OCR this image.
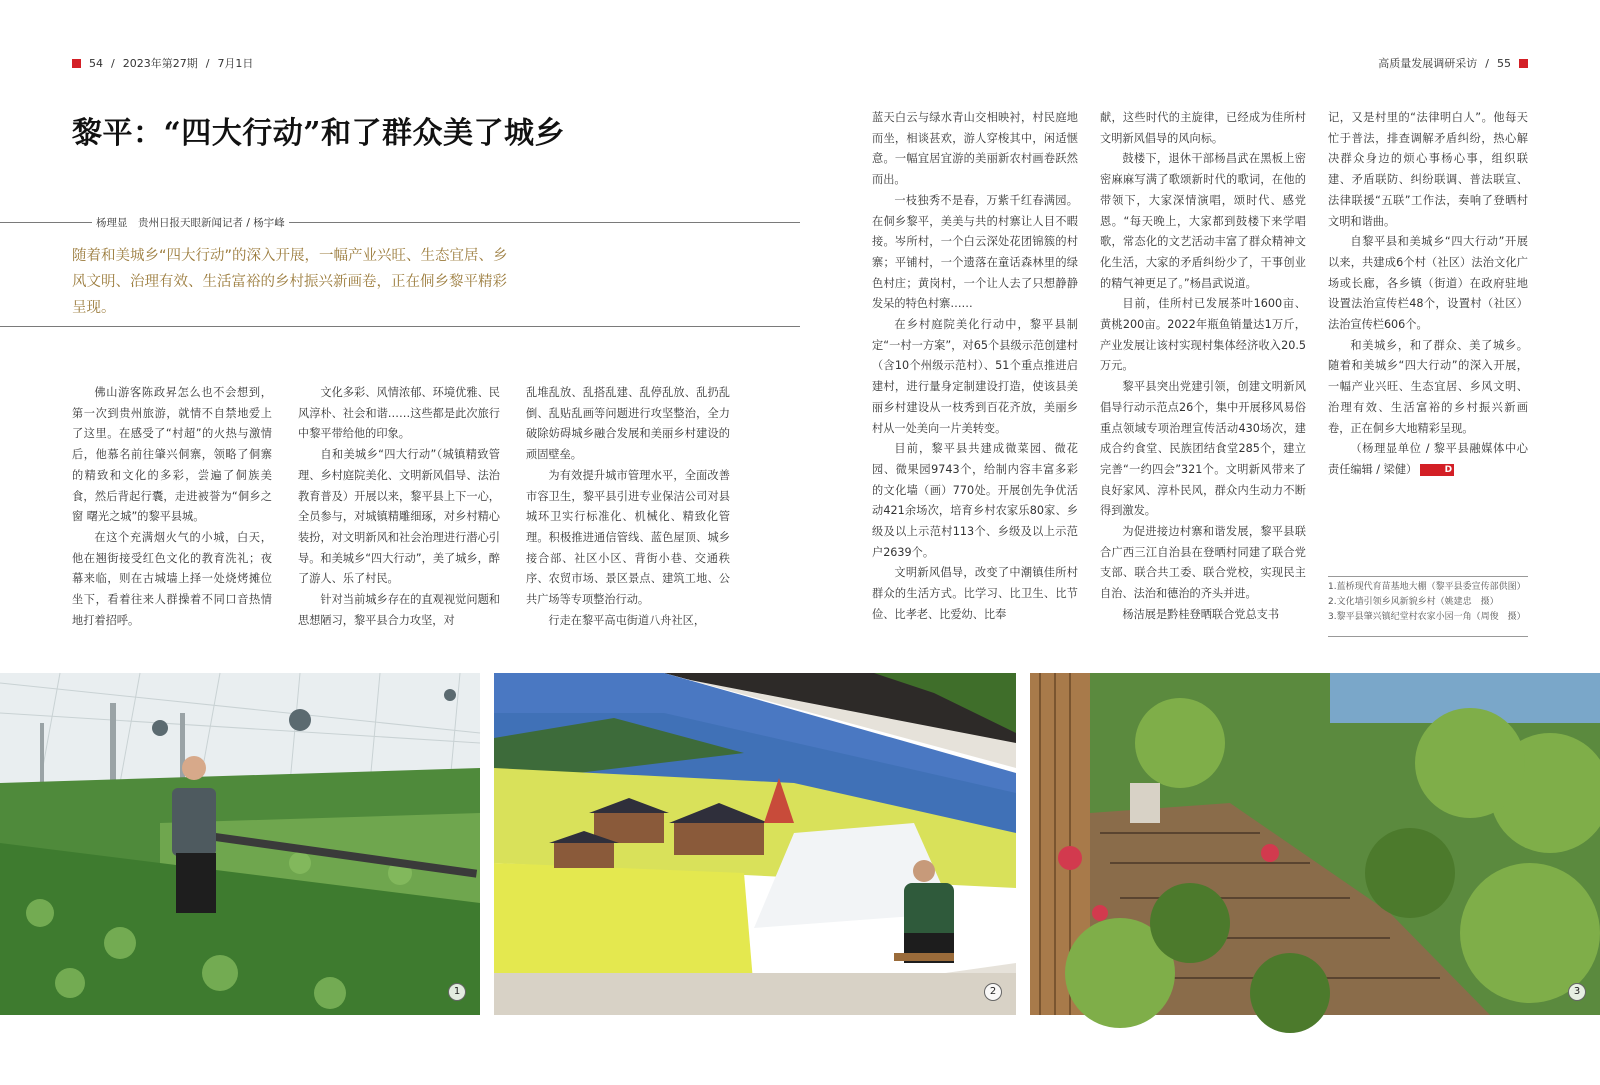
54 / 2023年第27期 / 7月1日	高质量发展调研采访 / 55
黎平：“四大行动”和了群众美了城乡
杨理显　贵州日报天眼新闻记者 / 杨宇峰
随着和美城乡“四大行动”的深入开展，一幅产业兴旺、生态宜居、乡风文明、治理有效、生活富裕的乡村振兴新画卷，正在侗乡黎平精彩呈现。

佛山游客陈政昇怎么也不会想到，第一次到贵州旅游，就情不自禁地爱上了这里。在感受了“村超”的火热与激情后，他慕名前往肇兴侗寨，领略了侗寨的精致和文化的多彩，尝遍了侗族美食，然后背起行囊，走进被誉为“侗乡之窗 曙光之城”的黎平县城。

在这个充满烟火气的小城，白天，他在翘街接受红色文化的教育洗礼；夜幕来临，则在古城墙上择一处烧烤摊位坐下，看着往来人群操着不同口音热情地打着招呼。

文化多彩、风情浓郁、环境优雅、民风淳朴、社会和谐……这些都是此次旅行中黎平带给他的印象。

自和美城乡“四大行动”（城镇精致管理、乡村庭院美化、文明新风倡导、法治教育普及）开展以来，黎平县上下一心，全员参与，对城镇精雕细琢，对乡村精心装扮，对文明新风和社会治理进行潜心引导。和美城乡“四大行动”，美了城乡，醉了游人、乐了村民。

针对当前城乡存在的直观视觉问题和思想陋习，黎平县合力攻坚，对

乱堆乱放、乱搭乱建、乱停乱放、乱扔乱倒、乱贴乱画等问题进行攻坚整治，全力破除妨碍城乡融合发展和美丽乡村建设的顽固壁垒。

为有效提升城市管理水平，全面改善市容卫生，黎平县引进专业保洁公司对县城环卫实行标准化、机械化、精致化管理。积极推进通信管线、蓝色屋顶、城乡接合部、社区小区、背街小巷、交通秩序、农贸市场、景区景点、建筑工地、公共广场等专项整治行动。

行走在黎平高屯街道八舟社区，

蓝天白云与绿水青山交相映衬，村民庭地而坐，相谈甚欢，游人穿梭其中，闲适惬意。一幅宜居宜游的美丽新农村画卷跃然而出。

一枝独秀不是春，万紫千红春满园。在侗乡黎平，美美与共的村寨让人目不暇接。岑所村，一个白云深处花团锦簇的村寨；平铺村，一个遗落在童话森林里的绿色村庄；黄岗村，一个让人去了只想静静发呆的特色村寨……

在乡村庭院美化行动中，黎平县制定“一村一方案”，对65个县级示范创建村（含10个州级示范村）、51个重点推进启建村，进行量身定制建设打造，使该县美丽乡村建设从一枝秀到百花齐放，美丽乡村从一处美向一片美转变。

目前，黎平县共建成微菜园、微花园、微果园9743个，给制内容丰富多彩的文化墙（画）770处。开展创先争优活动421余场次，培育乡村农家乐80家、乡级及以上示范村113个、乡级及以上示范户2639个。

文明新风倡导，改变了中潮镇佳所村群众的生活方式。比学习、比卫生、比节俭、比孝老、比爱幼、比奉

献，这些时代的主旋律，已经成为佳所村文明新风倡导的风向标。

鼓楼下，退休干部杨昌武在黑板上密密麻麻写满了歌颂新时代的歌词，在他的带领下，大家深情演唱，颂时代、感党恩。“每天晚上，大家都到鼓楼下来学唱歌，常态化的文艺活动丰富了群众精神文化生活，大家的矛盾纠纷少了，干事创业的精气神更足了。”杨昌武说道。

目前，佳所村已发展茶叶1600亩、黄桃200亩。2022年瓶鱼销量达1万斤，产业发展让该村实现村集体经济收入20.5万元。

黎平县突出党建引领，创建文明新风倡导行动示范点26个，集中开展移风易俗重点领域专项治理宣传活动430场次，建成合约食堂、民族团结食堂285个，建立完善“一约四会”321个。文明新风带来了良好家风、淳朴民风，群众内生动力不断得到激发。

为促进接边村寨和谐发展，黎平县联合广西三江自治县在登晒村同建了联合党支部、联合共工委、联合党校，实现民主自治、法治和德治的齐头并进。

杨洁展是黔桂登晒联合党总支书

记，又是村里的“法律明白人”。他每天忙于普法，排查调解矛盾纠纷，热心解决群众身边的烦心事杨心事，组织联建、矛盾联防、纠纷联调、普法联宣、法律联援“五联”工作法，奏响了登晒村文明和谐曲。

自黎平县和美城乡“四大行动”开展以来，共建成6个村（社区）法治文化广场或长廊，各乡镇（街道）在政府驻地设置法治宣传栏48个，设置村（社区）法治宣传栏606个。

和美城乡，和了群众、美了城乡。随着和美城乡“四大行动”的深入开展，一幅产业兴旺、生态宜居、乡风文明、治理有效、生活富裕的乡村振兴新画卷，正在侗乡大地精彩呈现。

（杨理显单位 / 黎平县融媒体中心　责任编辑 / 梁健）	D

1.蓝桥现代育苗基地大棚（黎平县委宣传部供图）
2.文化墙引领乡风新貌乡村（姚建忠　摄）
3.黎平县肇兴镇纪堂村农家小园一角（周俊　摄）
1	2	3
